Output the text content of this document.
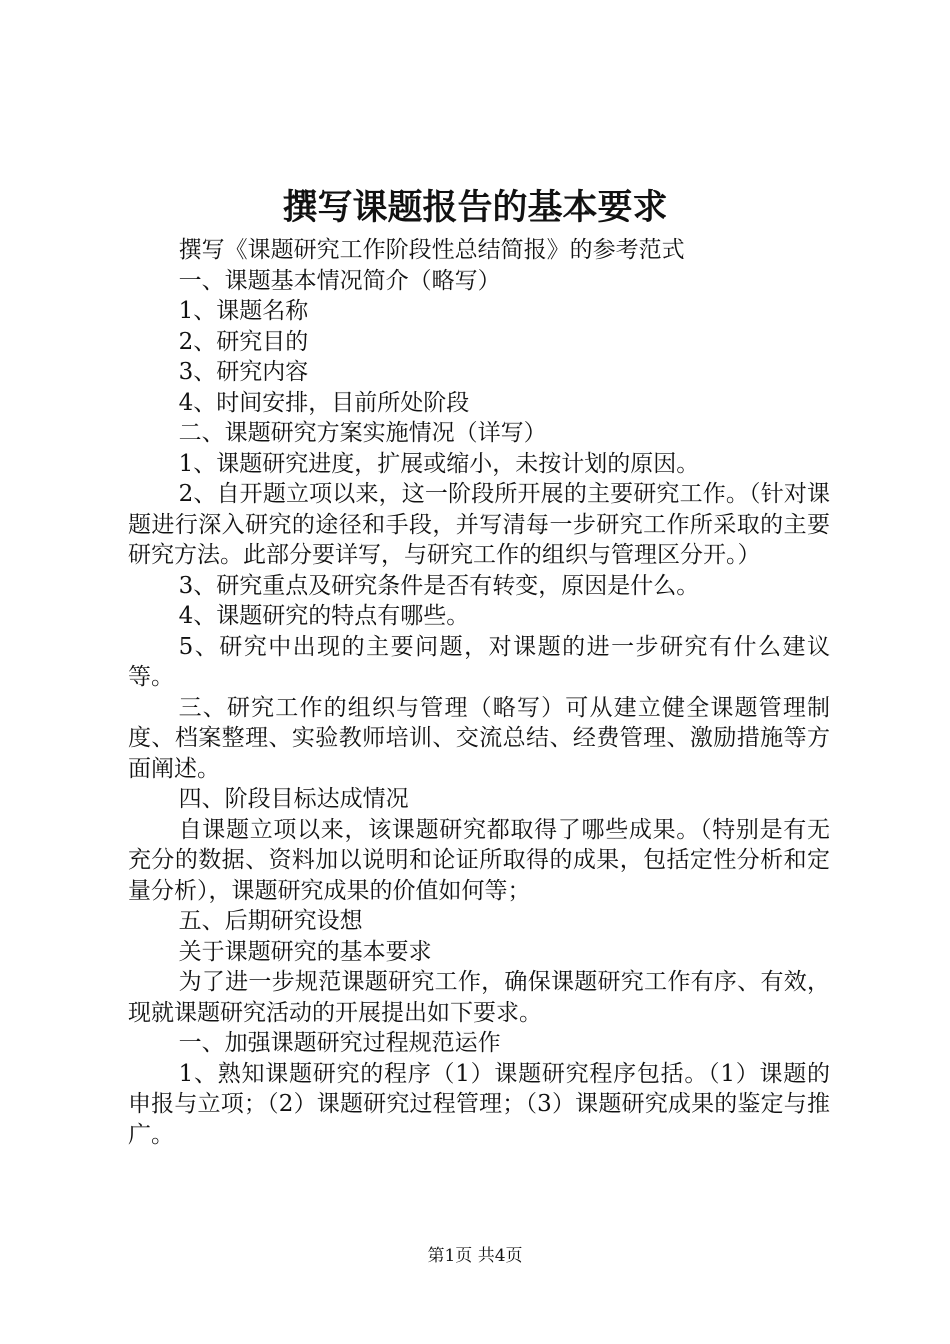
撰写课题报告的基本要求

撰写《课题研究工作阶段性总结简报》的参考范式

一、课题基本情况简介（略写）

1、课题名称

2、研究目的

3、研究内容

4、时间安排，目前所处阶段

二、课题研究方案实施情况（详写）

1、课题研究进度，扩展或缩小，未按计划的原因。

2、自开题立项以来，这一阶段所开展的主要研究工作。（针对课题进行深入研究的途径和手段，并写清每一步研究工作所采取的主要研究方法。此部分要详写，与研究工作的组织与管理区分开。）

3、研究重点及研究条件是否有转变，原因是什么。

4、课题研究的特点有哪些。

5、研究中出现的主要问题，对课题的进一步研究有什么建议等。

三、研究工作的组织与管理（略写）可从建立健全课题管理制度、档案整理、实验教师培训、交流总结、经费管理、激励措施等方面阐述。

四、阶段目标达成情况

自课题立项以来，该课题研究都取得了哪些成果。（特别是有无充分的数据、资料加以说明和论证所取得的成果，包括定性分析和定量分析），课题研究成果的价值如何等；

五、后期研究设想

关于课题研究的基本要求

为了进一步规范课题研究工作，确保课题研究工作有序、有效，现就课题研究活动的开展提出如下要求。

一、加强课题研究过程规范运作

1、熟知课题研究的程序（1）课题研究程序包括。（1）课题的申报与立项；（2）课题研究过程管理；（3）课题研究成果的鉴定与推广。

第1页 共4页
